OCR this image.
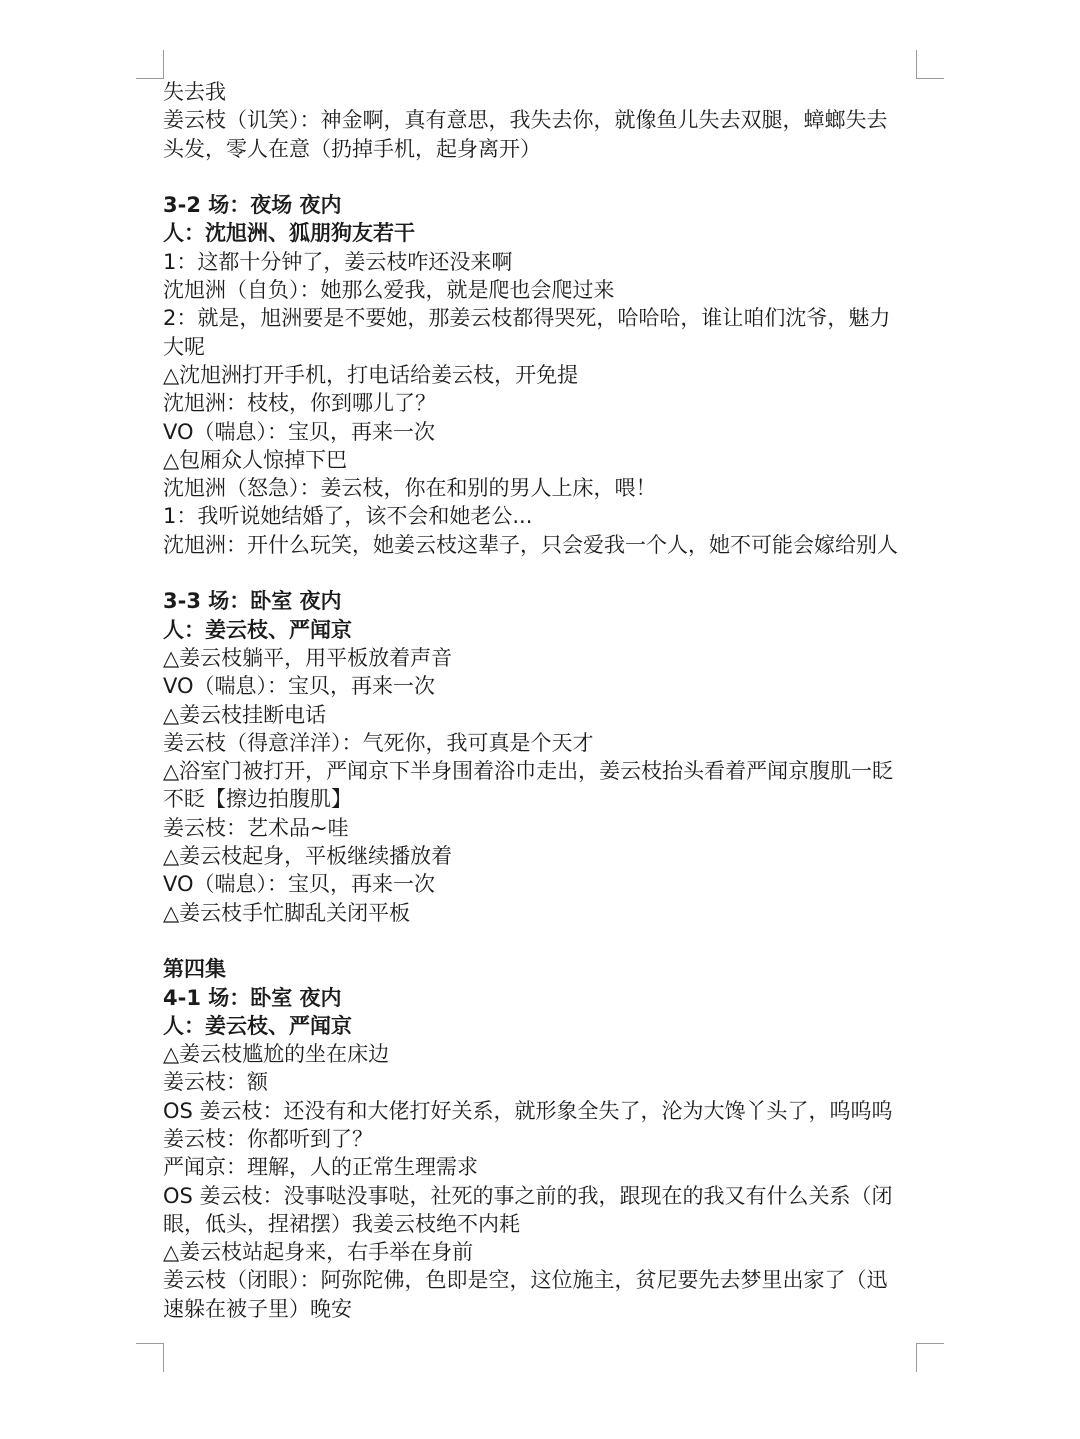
失去我
姜云枝（讥笑）：神金啊，真有意思，我失去你，就像鱼儿失去双腿，蟑螂失去
头发，零人在意（扔掉手机，起身离开）
3-2 场：夜场 夜内
人：沈旭洲、狐朋狗友若干
1：这都十分钟了，姜云枝咋还没来啊
沈旭洲（自负）：她那么爱我，就是爬也会爬过来
2：就是，旭洲要是不要她，那姜云枝都得哭死，哈哈哈，谁让咱们沈爷，魅力
大呢
△沈旭洲打开手机，打电话给姜云枝，开免提
沈旭洲：枝枝，你到哪儿了？
VO（喘息）：宝贝，再来一次
△包厢众人惊掉下巴
沈旭洲（怒急）：姜云枝，你在和别的男人上床，喂！
1：我听说她结婚了，该不会和她老公...
沈旭洲：开什么玩笑，她姜云枝这辈子，只会爱我一个人，她不可能会嫁给别人
3-3 场：卧室 夜内
人：姜云枝、严闻京
△姜云枝躺平，用平板放着声音
VO（喘息）：宝贝，再来一次
△姜云枝挂断电话
姜云枝（得意洋洋）：气死你，我可真是个天才
△浴室门被打开，严闻京下半身围着浴巾走出，姜云枝抬头看着严闻京腹肌一眨
不眨【擦边拍腹肌】
姜云枝：艺术品~哇
△姜云枝起身，平板继续播放着
VO（喘息）：宝贝，再来一次
△姜云枝手忙脚乱关闭平板
第四集
4-1 场：卧室 夜内
人：姜云枝、严闻京
△姜云枝尴尬的坐在床边
姜云枝：额
OS 姜云枝：还没有和大佬打好关系，就形象全失了，沦为大馋丫头了，呜呜呜
姜云枝：你都听到了？
严闻京：理解，人的正常生理需求
OS 姜云枝：没事哒没事哒，社死的事之前的我，跟现在的我又有什么关系（闭
眼，低头，捏裙摆）我姜云枝绝不内耗
△姜云枝站起身来，右手举在身前
姜云枝（闭眼）：阿弥陀佛，色即是空，这位施主，贫尼要先去梦里出家了（迅
速躲在被子里）晚安
